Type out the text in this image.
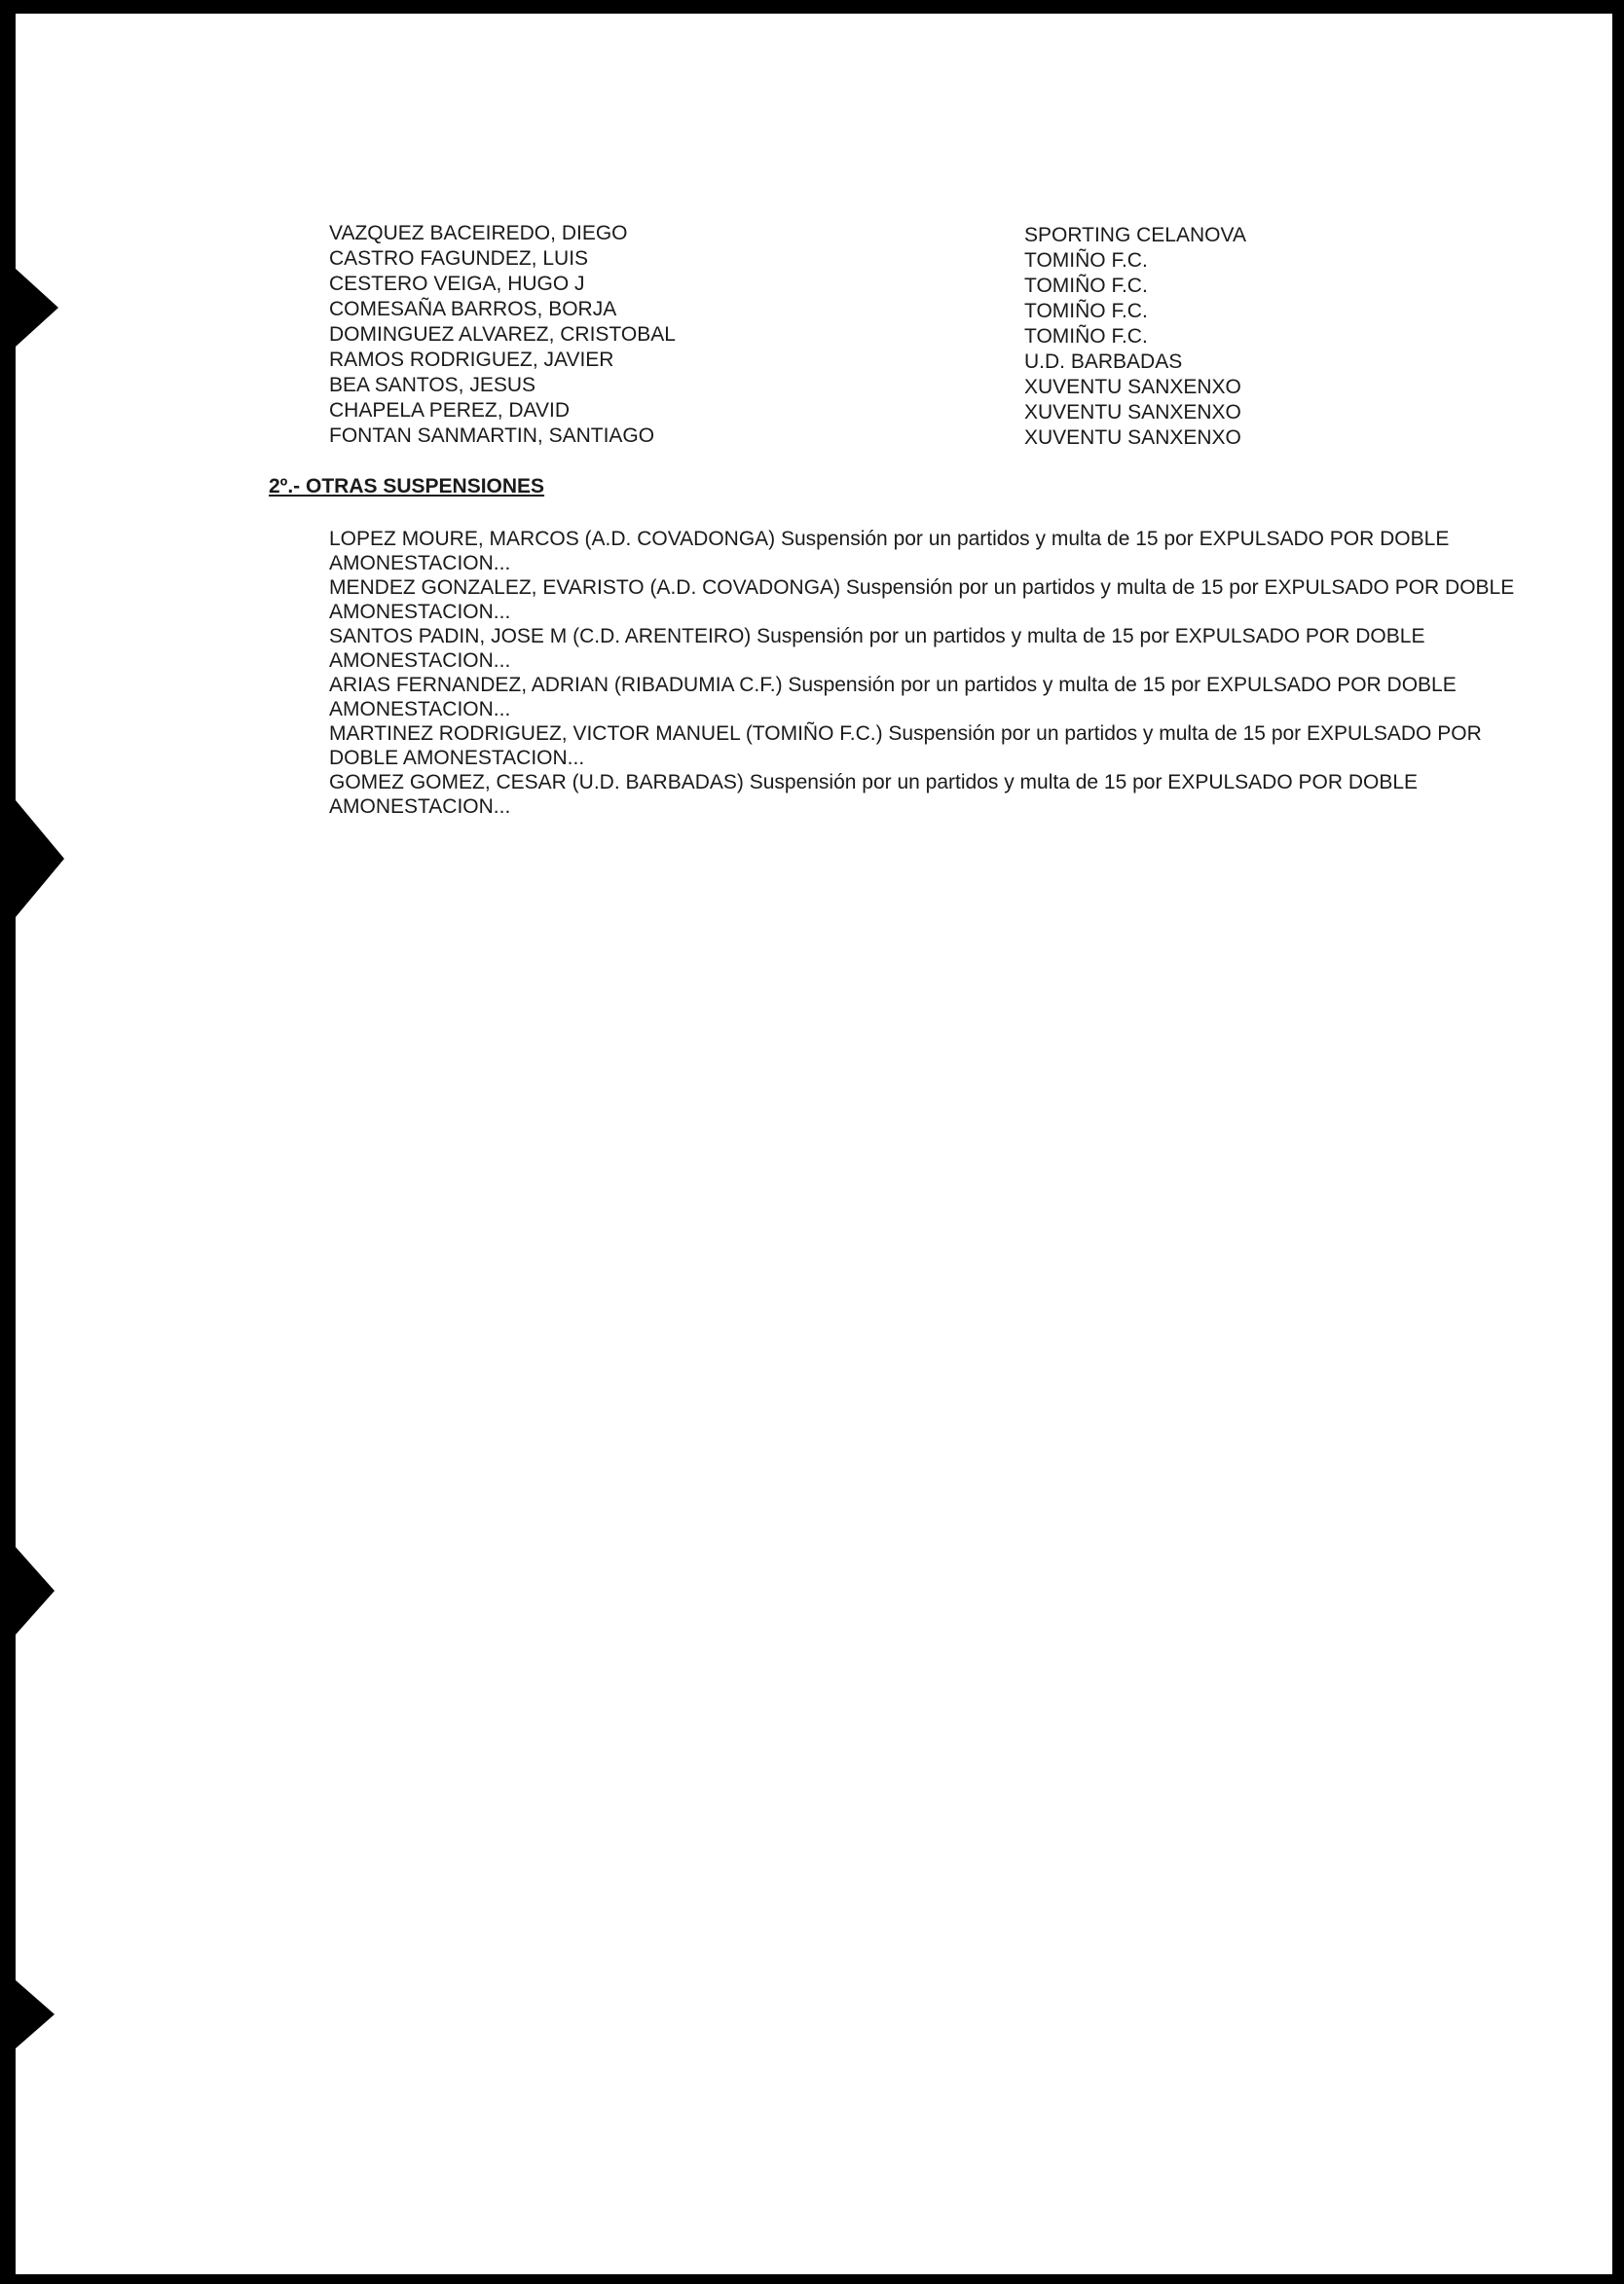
VAZQUEZ BACEIREDO, DIEGO	SPORTING CELANOVA
CASTRO FAGUNDEZ, LUIS	TOMIÑO F.C.
CESTERO VEIGA, HUGO J	TOMIÑO F.C.
COMESAÑA BARROS, BORJA	TOMIÑO F.C.
DOMINGUEZ ALVAREZ, CRISTOBAL	TOMIÑO F.C.
RAMOS RODRIGUEZ, JAVIER	U.D. BARBADAS
BEA SANTOS, JESUS	XUVENTU SANXENXO
CHAPELA PEREZ, DAVID	XUVENTU SANXENXO
FONTAN SANMARTIN, SANTIAGO	XUVENTU SANXENXO
2º.- OTRAS SUSPENSIONES

LOPEZ MOURE, MARCOS (A.D. COVADONGA) Suspensión por un partidos y multa de 15 por EXPULSADO POR DOBLE AMONESTACION...

MENDEZ GONZALEZ, EVARISTO (A.D. COVADONGA) Suspensión por un partidos y multa de 15 por EXPULSADO POR DOBLE AMONESTACION...

SANTOS PADIN, JOSE M (C.D. ARENTEIRO) Suspensión por un partidos y multa de 15 por EXPULSADO POR DOBLE AMONESTACION...

ARIAS FERNANDEZ, ADRIAN (RIBADUMIA C.F.) Suspensión por un partidos y multa de 15 por EXPULSADO POR DOBLE AMONESTACION...

MARTINEZ RODRIGUEZ, VICTOR MANUEL (TOMIÑO F.C.) Suspensión por un partidos y multa de 15 por EXPULSADO POR DOBLE AMONESTACION...

GOMEZ GOMEZ, CESAR (U.D. BARBADAS) Suspensión por un partidos y multa de 15 por EXPULSADO POR DOBLE AMONESTACION...
